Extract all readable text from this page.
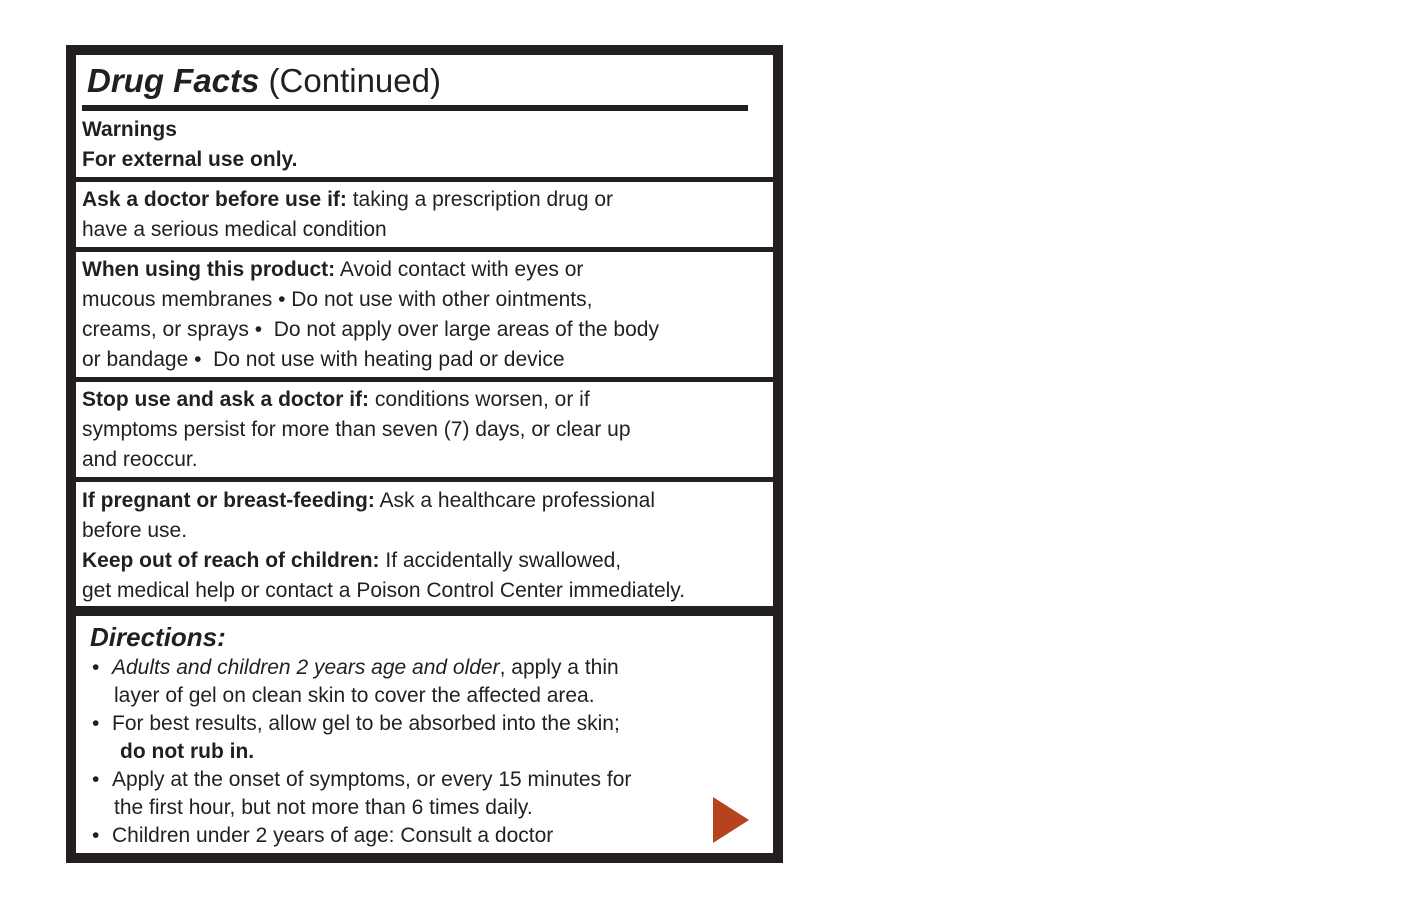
Drug Facts (Continued)
Warnings
For external use only.
Ask a doctor before use if: taking a prescription drug or
have a serious medical condition
When using this product: Avoid contact with eyes or
mucous membranes • Do not use with other ointments,
creams, or sprays •  Do not apply over large areas of the body
or bandage •  Do not use with heating pad or device
Stop use and ask a doctor if: conditions worsen, or if
symptoms persist for more than seven (7) days, or clear up
and reoccur.
If pregnant or breast-feeding: Ask a healthcare professional
before use.
Keep out of reach of children: If accidentally swallowed,
get medical help or contact a Poison Control Center immediately.
Directions:
• Adults and children 2 years age and older, apply a thin
layer of gel on clean skin to cover the affected area.
• For best results, allow gel to be absorbed into the skin;
do not rub in.
• Apply at the onset of symptoms, or every 15 minutes for
the first hour, but not more than 6 times daily.
• Children under 2 years of age: Consult a doctor
